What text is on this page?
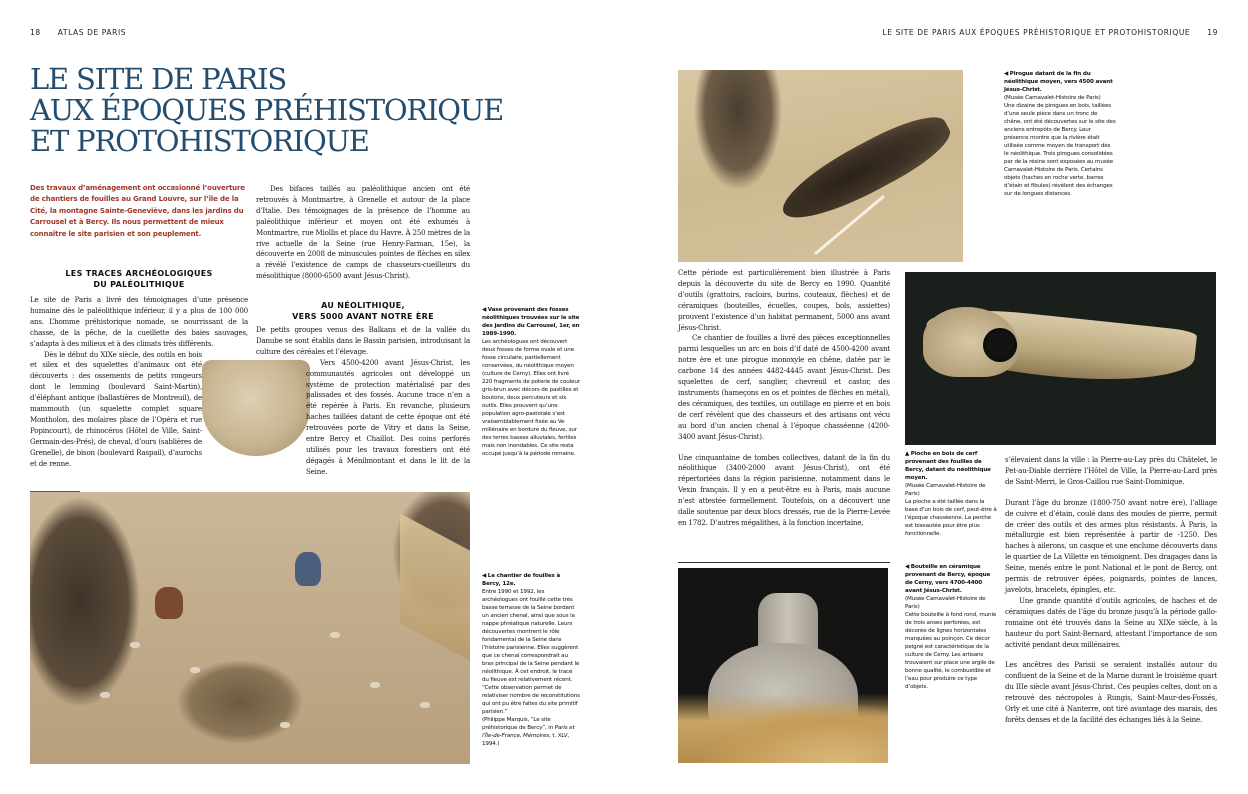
18 ATLAS DE PARIS
LE SITE DE PARIS
AUX ÉPOQUES PRÉHISTORIQUE
ET PROTOHISTORIQUE
Des travaux d’aménagement ont occasionné l’ouverture de chantiers de fouilles au Grand Louvre, sur l’île de la Cité, la montagne Sainte-Geneviève, dans les jardins du Carrousel et à Bercy. Ils nous permettent de mieux connaître le site parisien et son peuplement.
LES TRACES ARCHÉOLOGIQUES
DU PALÉOLITHIQUE

Le site de Paris a livré des témoignages d’une présence humaine dès le paléolithique inférieur, il y a plus de 100 000 ans. L’homme préhistorique nomade, se nourrissant de la chasse, de la pêche, de la cueillette des baies sauvages, s’adapta à des milieux et à des climats très différents.

Dès le début du XIXe siècle, des outils en bois et silex et des squelettes d’animaux ont été découverts : des ossements de petits rongeurs dont le lemming (boulevard Saint-Martin), d’éléphant antique (ballastières de Montreuil), de mammouth (un squelette complet square Montholon, des molaires place de l’Opéra et rue Popincourt), de rhinocéros (Hôtel de Ville, Saint-Germain-des-Prés), de cheval, d’ours (sablières de Grenelle), de bison (boulevard Raspail), d’aurochs et de renne.

Des bifaces taillés au paléolithique ancien ont été retrouvés à Montmartre, à Grenelle et autour de la place d’Italie. Des témoignages de la présence de l’homme au paléolithique inférieur et moyen ont été exhumés à Montmartre, rue Miollis et place du Havre. À 250 mètres de la rive actuelle de la Seine (rue Henry-Farman, 15e), la découverte en 2008 de minuscules pointes de flèches en silex a révélé l’existence de camps de chasseurs-cueilleurs du mésolithique (8000-6500 avant Jésus-Christ).

AU NÉOLITHIQUE,
VERS 5000 AVANT NOTRE ÈRE

De petits groupes venus des Balkans et de la vallée du Danube se sont établis dans le Bassin parisien, introduisant la culture des céréales et l’élevage.

Vers 4500-4200 avant Jésus-Christ, les communautés agricoles ont développé un système de protection matérialisé par des palissades et des fossés. Aucune trace n’en a été repérée à Paris. En revanche, plusieurs haches taillées datant de cette époque ont été retrouvées porte de Vitry et dans la Seine, entre Bercy et Chaillot. Des coins perforés utilisés pour les travaux forestiers ont été dégagés à Ménilmontant et dans le lit de la Seine.

◀ Vase provenant des fosses néolithiques trouvées sur le site des jardins du Carrousel, 1er, en 1989-1990.
Les archéologues ont découvert deux fosses de forme ovale et une fosse circulaire, partiellement conservées, du néolithique moyen (culture de Cerny). Elles ont livré 220 fragments de poterie de couleur gris-brun avec décors de pastilles et boutons, deux percuteurs et six outils. Elles prouvent qu’une population agro-pastorale s’est vraisemblablement fixée au Ve millénaire en bordure du fleuve, sur des terres basses alluviales, fertiles mais non inondables. Ce site resta occupé jusqu’à la période romaine.
◀ Le chantier de fouilles à Bercy, 12e.
Entre 1990 et 1992, les archéologues ont fouillé cette très basse terrasse de la Seine bordant un ancien chenal, ainsi que sous la nappe phréatique naturelle. Leurs découvertes montrent le rôle fondamental de la Seine dans l’histoire parisienne. Elles suggèrent que ce chenal correspondrait au bras principal de la Seine pendant le néolithique. À cet endroit, le tracé du fleuve est relativement récent.
“Cette observation permet de relativiser nombre de reconstitutions qui ont pu être faites du site primitif parisien.”
(Philippe Marquis, “Le site préhistorique de Bercy”, in Paris et l’Île-de-France, Mémoires, t. XLV, 1994.)
LE SITE DE PARIS AUX ÉPOQUES PRÉHISTORIQUE ET PROTOHISTORIQUE 19
◀ Pirogue datant de la fin du néolithique moyen, vers 4500 avant Jésus-Christ.
(Musée Carnavalet-Histoire de Paris)
Une dizaine de pirogues en bois, taillées d’une seule pièce dans un tronc de chêne, ont été découvertes sur le site des anciens entrepôts de Bercy. Leur présence montre que la rivière était utilisée comme moyen de transport dès le néolithique. Trois pirogues consolidées par de la résine sont exposées au musée Carnavalet-Histoire de Paris. Certains objets (haches en roche verte, barres d’étain et fibules) révèlent des échanges sur de longues distances.

Cette période est particulièrement bien illustrée à Paris depuis la découverte du site de Bercy en 1990. Quantité d’outils (grattoirs, racloirs, burins, couteaux, flèches) et de céramiques (bouteilles, écuelles, coupes, bols, assiettes) prouvent l’existence d’un habitat permanent, 5000 ans avant Jésus-Christ.

Ce chantier de fouilles a livré des pièces exceptionnelles parmi lesquelles un arc en bois d’if daté de 4500-4200 avant notre ère et une pirogue monoxyle en chêne, datée par le carbone 14 des années 4482-4445 avant Jésus-Christ. Des squelettes de cerf, sanglier, chevreuil et castor, des instruments (hameçons en os et pointes de flèches en métal), des céramiques, des textiles, un outillage en pierre et en bois de cerf révèlent que des chasseurs et des artisans ont vécu au bord d’un ancien chenal à l’époque chasséenne (4200-3400 avant Jésus-Christ).

Une cinquantaine de tombes collectives, datant de la fin du néolithique (3400-2000 avant Jésus-Christ), ont été répertoriées dans la région parisienne, notamment dans le Vexin français. Il y en a peut-être eu à Paris, mais aucune n’est attestée formellement. Toutefois, on a découvert une dalle soutenue par deux blocs dressés, rue de la Pierre-Levée en 1782. D’autres mégalithes, à la fonction incertaine,

▲ Pioche en bois de cerf provenant des fouilles de Bercy, datant du néolithique moyen.
(Musée Carnavalet-Histoire de Paris)
La pioche a été taillée dans la base d’un bois de cerf, peut-être à l’époque chasséenne. La perche est biseautée pour être plus fonctionnelle.
◀ Bouteille en céramique provenant de Bercy, époque de Cerny, vers 4700-4400 avant Jésus-Christ.
(Musée Carnavalet-Histoire de Paris)
Cette bouteille à fond rond, munie de trois anses perforées, est décorée de lignes horizontales marquées au poinçon. Ce décor peigné est caractéristique de la culture de Cerny. Les artisans trouvaient sur place une argile de bonne qualité, le combustible et l’eau pour produire ce type d’objets.

s’élevaient dans la ville : la Pierre-au-Lay près du Châtelet, le Pet-au-Diable derrière l’Hôtel de Ville, la Pierre-au-Lard près de Saint-Merri, le Gros-Caillou rue Saint-Dominique.

Durant l’âge du bronze (1800-750 avant notre ère), l’alliage de cuivre et d’étain, coulé dans des moules de pierre, permit de créer des outils et des armes plus résistants. À Paris, la métallurgie est bien représentée à partir de -1250. Des haches à ailerons, un casque et une enclume découverts dans le quartier de La Villette en témoignent. Des dragages dans la Seine, menés entre le pont National et le pont de Bercy, ont permis de retrouver épées, poignards, pointes de lances, javelots, bracelets, épingles, etc.

Une grande quantité d’outils agricoles, de haches et de céramiques datés de l’âge du bronze jusqu’à la période gallo-romaine ont été trouvés dans la Seine au XIXe siècle, à la hauteur du port Saint-Bernard, attestant l’importance de son activité pendant deux millénaires.

Les ancêtres des Parisii se seraient installés autour du confluent de la Seine et de la Marne durant le troisième quart du IIIe siècle avant Jésus-Christ. Ces peuples celtes, dont on a retrouvé des nécropoles à Rungis, Saint-Maur-des-Fossés, Orly et une cité à Nanterre, ont tiré avantage des marais, des forêts denses et de la facilité des échanges liés à la Seine.
